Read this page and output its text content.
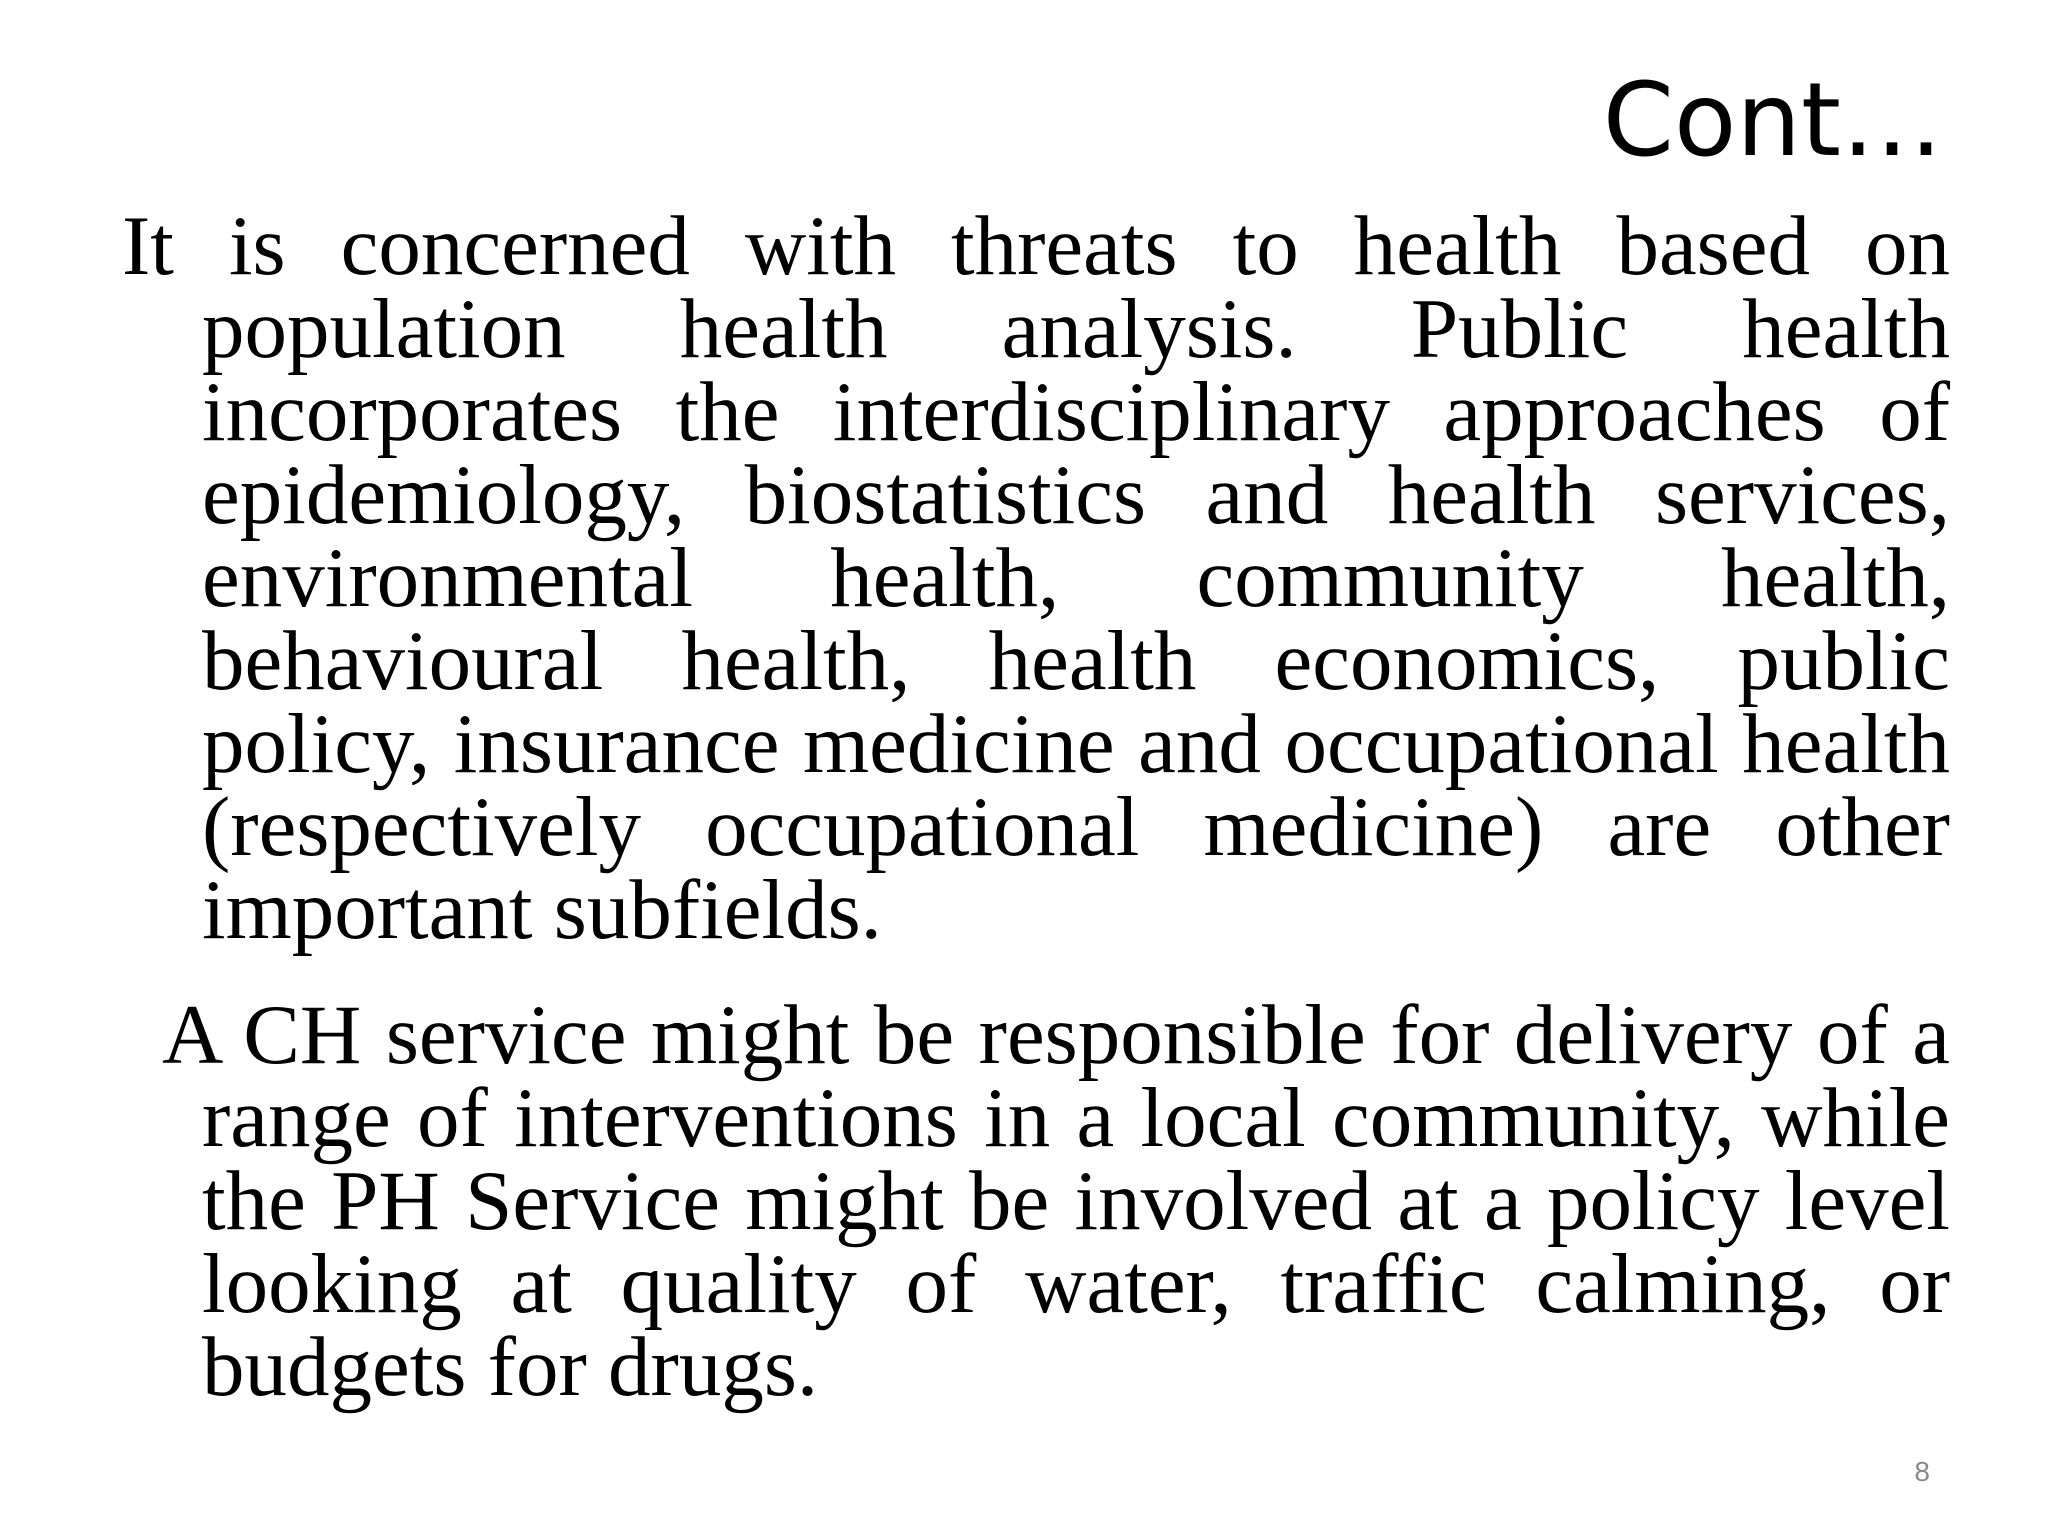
Cont…

It is concerned with threats to health based on population health analysis. Public health incorporates the interdisciplinary approaches of epidemiology, biostatistics and health services, environmental health, community health, behavioural health, health economics, public policy, insurance medicine and occupational health (respectively occupational medicine) are other important subfields.

A CH service might be responsible for delivery of a range of interventions in a local community, while the PH Service might be involved at a policy level looking at quality of water, traffic calming, or budgets for drugs.

8
